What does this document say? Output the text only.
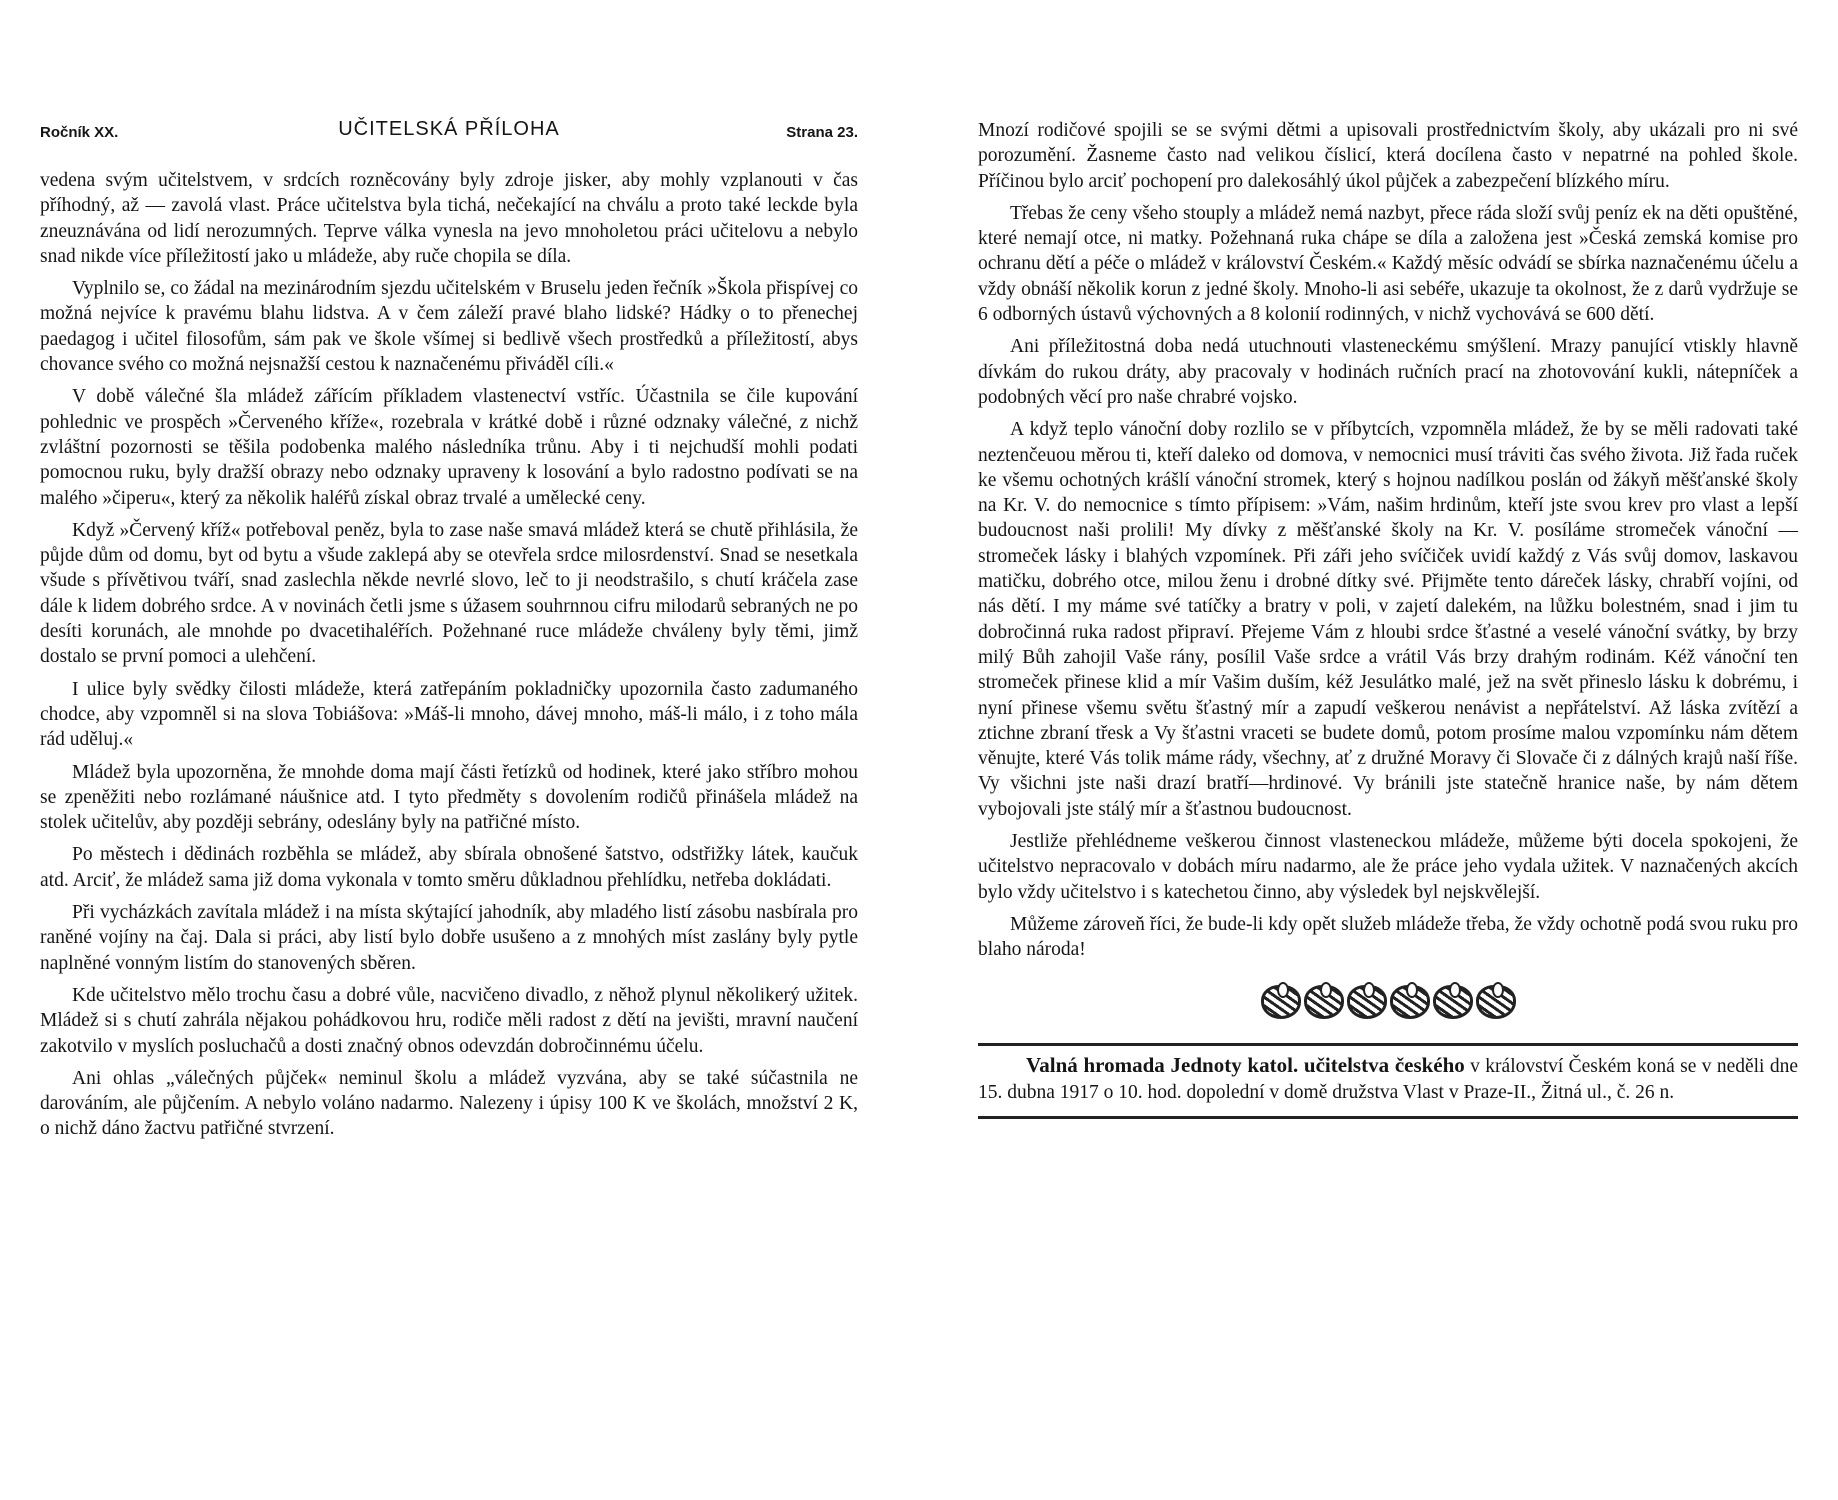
Ročník XX.	UČITELSKÁ PŘÍLOHA	Strana 23.

vedena svým učitelstvem, v srdcích rozněcovány byly zdroje jisker, aby mohly vzplanouti v čas příhodný, až — zavolá vlast. Práce učitelstva byla tichá, nečekající na chválu a proto také leckde byla zneuznávána od lidí nerozumných. Teprve válka vynesla na jevo mnoholetou práci učitelovu a nebylo snad nikde více příležitostí jako u mládeže, aby ruče chopila se díla.

Vyplnilo se, co žádal na mezinárodním sjezdu učitelském v Bruselu jeden řečník »Škola přispívej co možná nejvíce k pravému blahu lidstva. A v čem záleží pravé blaho lidské? Hádky o to přenechej paedagog i učitel filosofům, sám pak ve škole všímej si bedlivě všech prostředků a příležitostí, abys chovance svého co možná nejsnažší cestou k naznačenému přiváděl cíli.«

V době válečné šla mládež zářícím příkladem vlastenectví vstříc. Účastnila se čile kupování pohlednic ve prospěch »Červeného kříže«, rozebrala v krátké době i různé odznaky válečné, z nichž zvláštní pozornosti se těšila podobenka malého následníka trůnu. Aby i ti nejchudší mohli podati pomocnou ruku, byly dražší obrazy nebo odznaky upraveny k losování a bylo radostno podívati se na malého »čiperu«, který za několik haléřů získal obraz trvalé a umělecké ceny.

Když »Červený kříž« potřeboval peněz, byla to zase naše smavá mládež která se chutě přihlásila, že půjde dům od domu, byt od bytu a všude zaklepá aby se otevřela srdce milosrdenství. Snad se nesetkala všude s přívětivou tváří, snad zaslechla někde nevrlé slovo, leč to ji neodstrašilo, s chutí kráčela zase dále k lidem dobrého srdce. A v novinách četli jsme s úžasem souhrnnou cifru milodarů sebraných ne po desíti korunách, ale mnohde po dvacetihaléřích. Požehnané ruce mládeže chváleny byly těmi, jimž dostalo se první pomoci a ulehčení.

I ulice byly svědky čilosti mládeže, která zatřepáním pokladničky upozornila často zadumaného chodce, aby vzpomněl si na slova Tobiášova: »Máš-li mnoho, dávej mnoho, máš-li málo, i z toho mála rád uděluj.«

Mládež byla upozorněna, že mnohde doma mají části řetízků od hodinek, které jako stříbro mohou se zpeněžiti nebo rozlámané náušnice atd. I tyto předměty s dovolením rodičů přinášela mládež na stolek učitelův, aby později sebrány, odeslány byly na patřičné místo.

Po městech i dědinách rozběhla se mládež, aby sbírala obnošené šatstvo, odstřižky látek, kaučuk atd. Arciť, že mládež sama již doma vykonala v tomto směru důkladnou přehlídku, netřeba dokládati.

Při vycházkách zavítala mládež i na místa skýtající jahodník, aby mladého listí zásobu nasbírala pro raněné vojíny na čaj. Dala si práci, aby listí bylo dobře usušeno a z mnohých míst zaslány byly pytle naplněné vonným listím do stanovených sběren.

Kde učitelstvo mělo trochu času a dobré vůle, nacvičeno divadlo, z něhož plynul několikerý užitek. Mládež si s chutí zahrála nějakou pohádkovou hru, rodiče měli radost z dětí na jevišti, mravní naučení zakotvilo v myslích posluchačů a dosti značný obnos odevzdán dobročinnému účelu.

Ani ohlas „válečných půjček« neminul školu a mládež vyzvána, aby se také súčastnila ne darováním, ale půjčením. A nebylo voláno nadarmo. Nalezeny i úpisy 100 K ve školách, množství 2 K, o nichž dáno žactvu patřičné stvrzení.

Mnozí rodičové spojili se se svými dětmi a upisovali prostřednictvím školy, aby ukázali pro ni své porozumění. Žasneme často nad velikou číslicí, která docílena často v nepatrné na pohled škole. Příčinou bylo arciť pochopení pro dalekosáhlý úkol půjček a zabezpečení blízkého míru.

Třebas že ceny všeho stouply a mládež nemá nazbyt, přece ráda složí svůj peníz ek na děti opuštěné, které nemají otce, ni matky. Požehnaná ruka chápe se díla a založena jest »Česká zemská komise pro ochranu dětí a péče o mládež v království Českém.« Každý měsíc odvádí se sbírka naznačenému účelu a vždy obnáší několik korun z jedné školy. Mnoho-li asi sebéře, ukazuje ta okolnost, že z darů vydržuje se 6 odborných ústavů výchovných a 8 kolonií rodinných, v nichž vychovává se 600 dětí.

Ani příležitostná doba nedá utuchnouti vlasteneckému smýšlení. Mrazy panující vtiskly hlavně dívkám do rukou dráty, aby pracovaly v hodinách ručních prací na zhotovování kukli, nátepníček a podobných věcí pro naše chrabré vojsko.

A když teplo vánoční doby rozlilo se v příbytcích, vzpomněla mládež, že by se měli radovati také neztenčeuou měrou ti, kteří daleko od domova, v nemocnici musí tráviti čas svého života. Již řada ruček ke všemu ochotných krášlí vánoční stromek, který s hojnou nadílkou poslán od žákyň měšťanské školy na Kr. V. do nemocnice s tímto přípisem: »Vám, našim hrdinům, kteří jste svou krev pro vlast a lepší budoucnost naši prolili! My dívky z měšťanské školy na Kr. V. posíláme stromeček vánoční — stromeček lásky i blahých vzpomínek. Při záři jeho svíčiček uvidí každý z Vás svůj domov, laskavou matičku, dobrého otce, milou ženu i drobné dítky své. Přijměte tento dáreček lásky, chrabří vojíni, od nás dětí. I my máme své tatíčky a bratry v poli, v zajetí dalekém, na lůžku bolestném, snad i jim tu dobročinná ruka radost připraví. Přejeme Vám z hloubi srdce šťastné a veselé vánoční svátky, by brzy milý Bůh zahojil Vaše rány, posílil Vaše srdce a vrátil Vás brzy drahým rodinám. Kéž vánoční ten stromeček přinese klid a mír Vašim duším, kéž Jesulátko malé, jež na svět přineslo lásku k dobrému, i nyní přinese všemu světu šťastný mír a zapudí veškerou nenávist a nepřátelství. Až láska zvítězí a ztichne zbraní třesk a Vy šťastni vraceti se budete domů, potom prosíme malou vzpomínku nám dětem věnujte, které Vás tolik máme rády, všechny, ať z družné Moravy či Slovače či z dálných krajů naší říše. Vy všichni jste naši drazí bratří—hrdinové. Vy bránili jste statečně hranice naše, by nám dětem vybojovali jste stálý mír a šťastnou budoucnost.

Jestliže přehlédneme veškerou činnost vlasteneckou mládeže, můžeme býti docela spokojeni, že učitelstvo nepracovalo v dobách míru nadarmo, ale že práce jeho vydala užitek. V naznačených akcích bylo vždy učitelstvo i s katechetou činno, aby výsledek byl nejskvělejší.

Můžeme zároveň říci, že bude-li kdy opět služeb mládeže třeba, že vždy ochotně podá svou ruku pro blaho národa!

Valná hromada Jednoty katol. učitelstva českého v království Českém koná se v neděli dne 15. dubna 1917 o 10. hod. dopolední v domě družstva Vlast v Praze-II., Žitná ul., č. 26 n.
